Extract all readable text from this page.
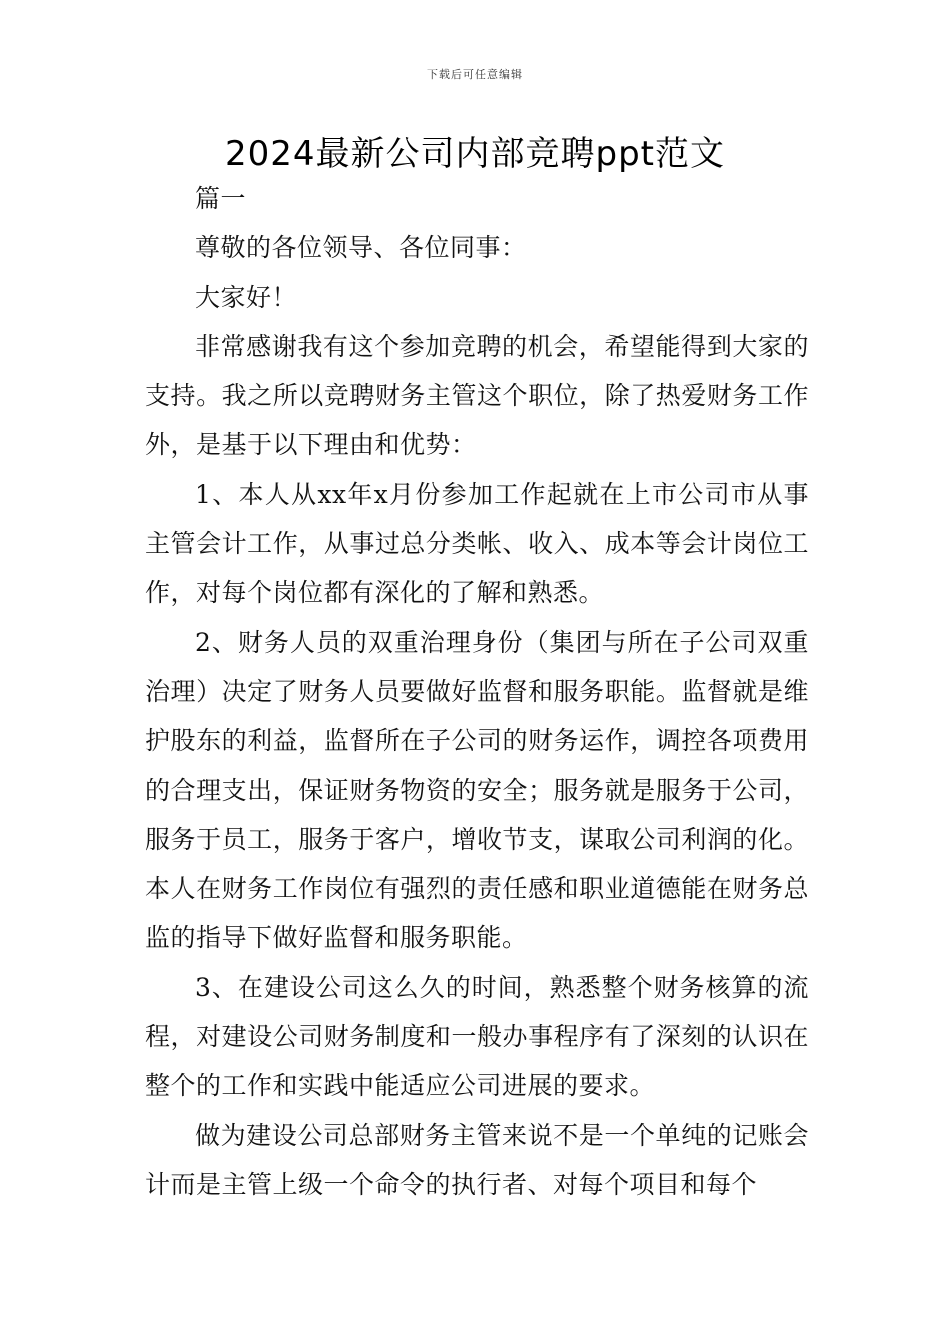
下载后可任意编辑
2024最新公司内部竞聘ppt范文

篇一

尊敬的各位领导、各位同事：

大家好！

非常感谢我有这个参加竞聘的机会，希望能得到大家的支持。我之所以竞聘财务主管这个职位，除了热爱财务工作外，是基于以下理由和优势：

1、本人从xx年x月份参加工作起就在上市公司市从事主管会计工作，从事过总分类帐、收入、成本等会计岗位工作，对每个岗位都有深化的了解和熟悉。

2、财务人员的双重治理身份（集团与所在子公司双重治理）决定了财务人员要做好监督和服务职能。监督就是维护股东的利益，监督所在子公司的财务运作，调控各项费用的合理支出，保证财务物资的安全；服务就是服务于公司，服务于员工，服务于客户，增收节支，谋取公司利润的化。本人在财务工作岗位有强烈的责任感和职业道德能在财务总监的指导下做好监督和服务职能。

3、在建设公司这么久的时间，熟悉整个财务核算的流程，对建设公司财务制度和一般办事程序有了深刻的认识在整个的工作和实践中能适应公司进展的要求。

做为建设公司总部财务主管来说不是一个单纯的记账会计而是主管上级一个命令的执行者、对每个项目和每个
